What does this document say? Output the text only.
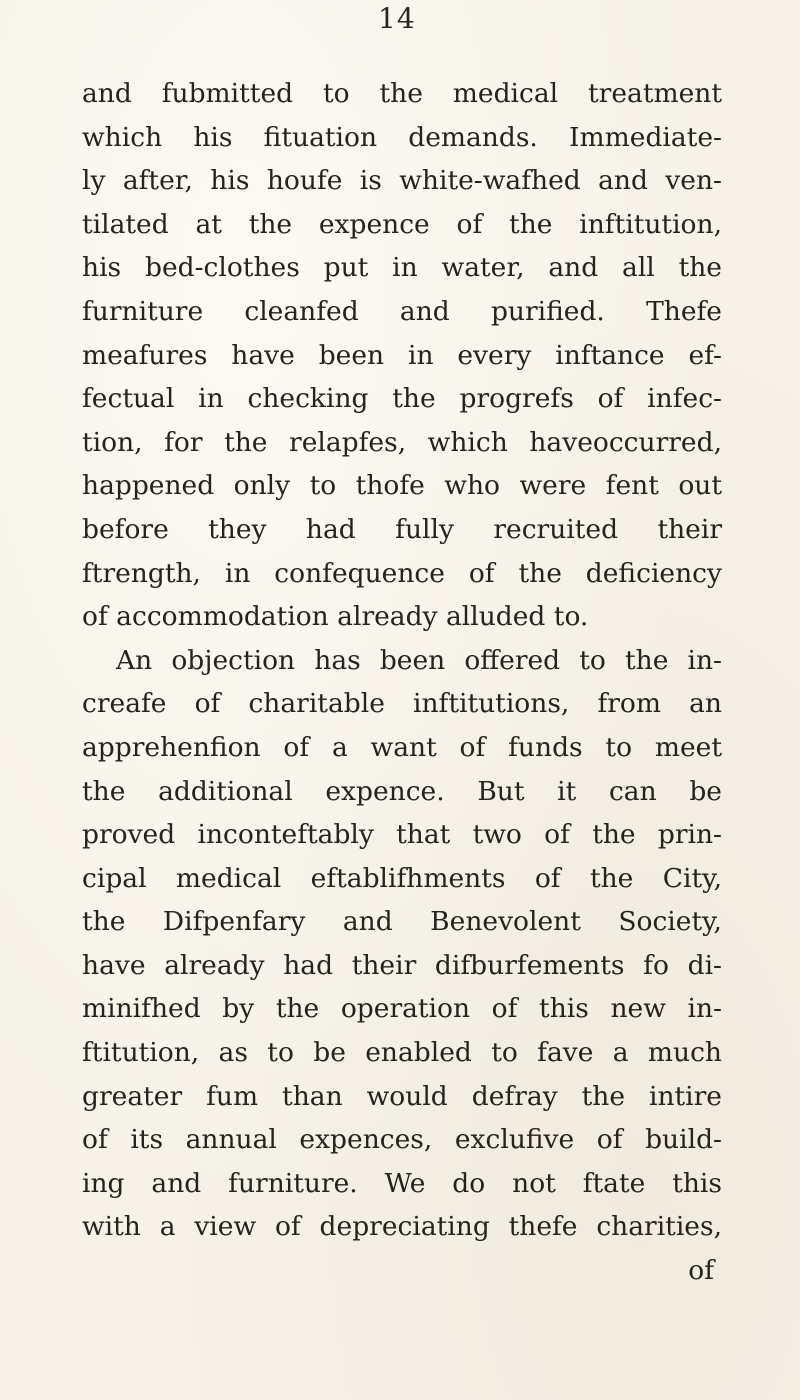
14
and fubmitted to the medical treatment
which his fituation demands. Immediate-
ly after, his houfe is white-wafhed and ven-
tilated at the expence of the inftitution,
his bed-clothes put in water, and all the
furniture cleanfed and purified. Thefe
meafures have been in every inftance ef-
fectual in checking the progrefs of infec-
tion, for the relapfes, which haveoccurred,
happened only to thofe who were fent out
before they had fully recruited their
ftrength, in confequence of the deficiency
of accommodation already alluded to.
An objection has been offered to the in-
creafe of charitable inftitutions, from an
apprehenfion of a want of funds to meet
the additional expence. But it can be
proved inconteftably that two of the prin-
cipal medical eftablifhments of the City,
the Difpenfary and Benevolent Society,
have already had their difburfements fo di-
minifhed by the operation of this new in-
ftitution, as to be enabled to fave a much
greater fum than would defray the intire
of its annual expences, exclufive of build-
ing and furniture. We do not ftate this
with a view of depreciating thefe charities,
of
